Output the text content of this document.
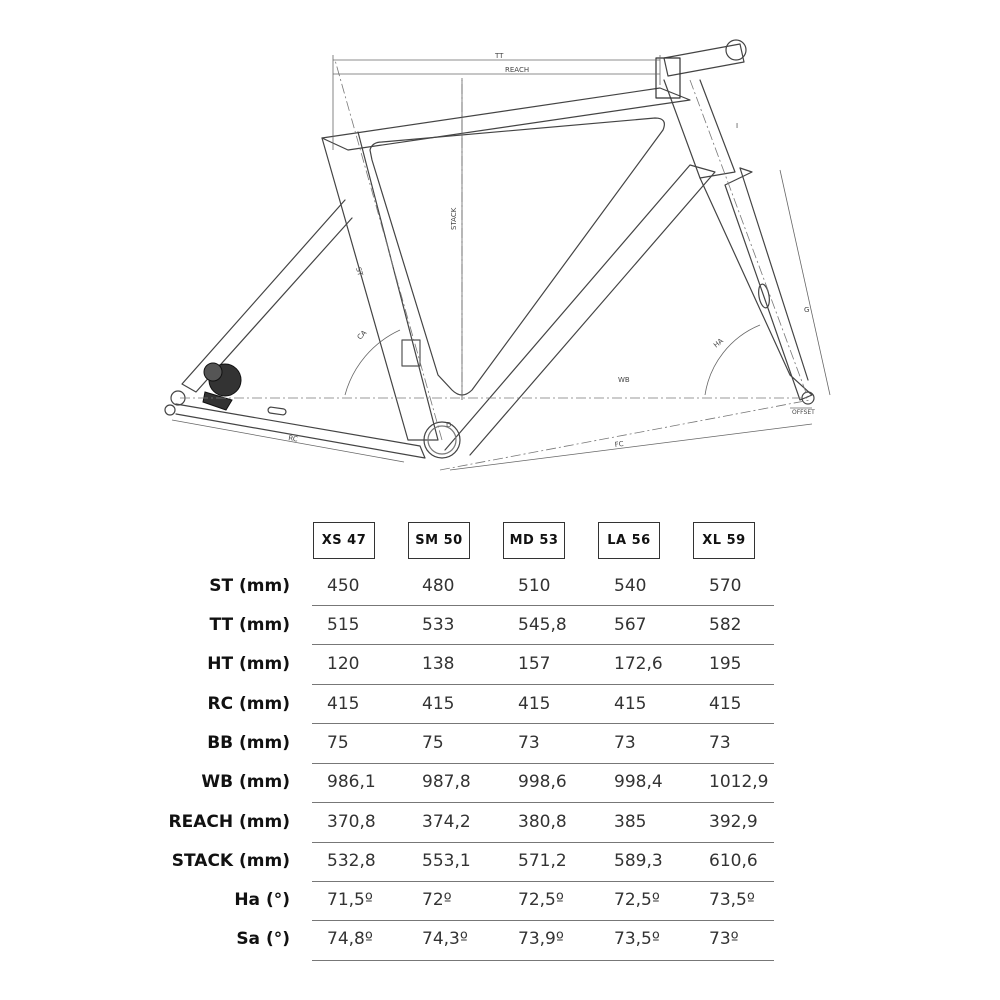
TT
REACH
STACK
ST
CA
HA
WB
RC
FC
OFFSET
I
G
D
XS 47	SM 50	MD 53	LA 56	XL 59
ST (mm) 450	480	510	540	570
TT (mm) 515	533	545,8	567	582
HT (mm) 120	138	157	172,6	195
RC (mm) 415	415	415	415	415
BB (mm) 75	75	73	73	73
WB (mm) 986,1	987,8	998,6	998,4	1012,9
REACH (mm) 370,8	374,2	380,8	385	392,9
STACK (mm) 532,8	553,1	571,2	589,3	610,6
Ha (°) 71,5º	72º	72,5º	72,5º	73,5º
Sa (°) 74,8º	74,3º	73,9º	73,5º	73º
